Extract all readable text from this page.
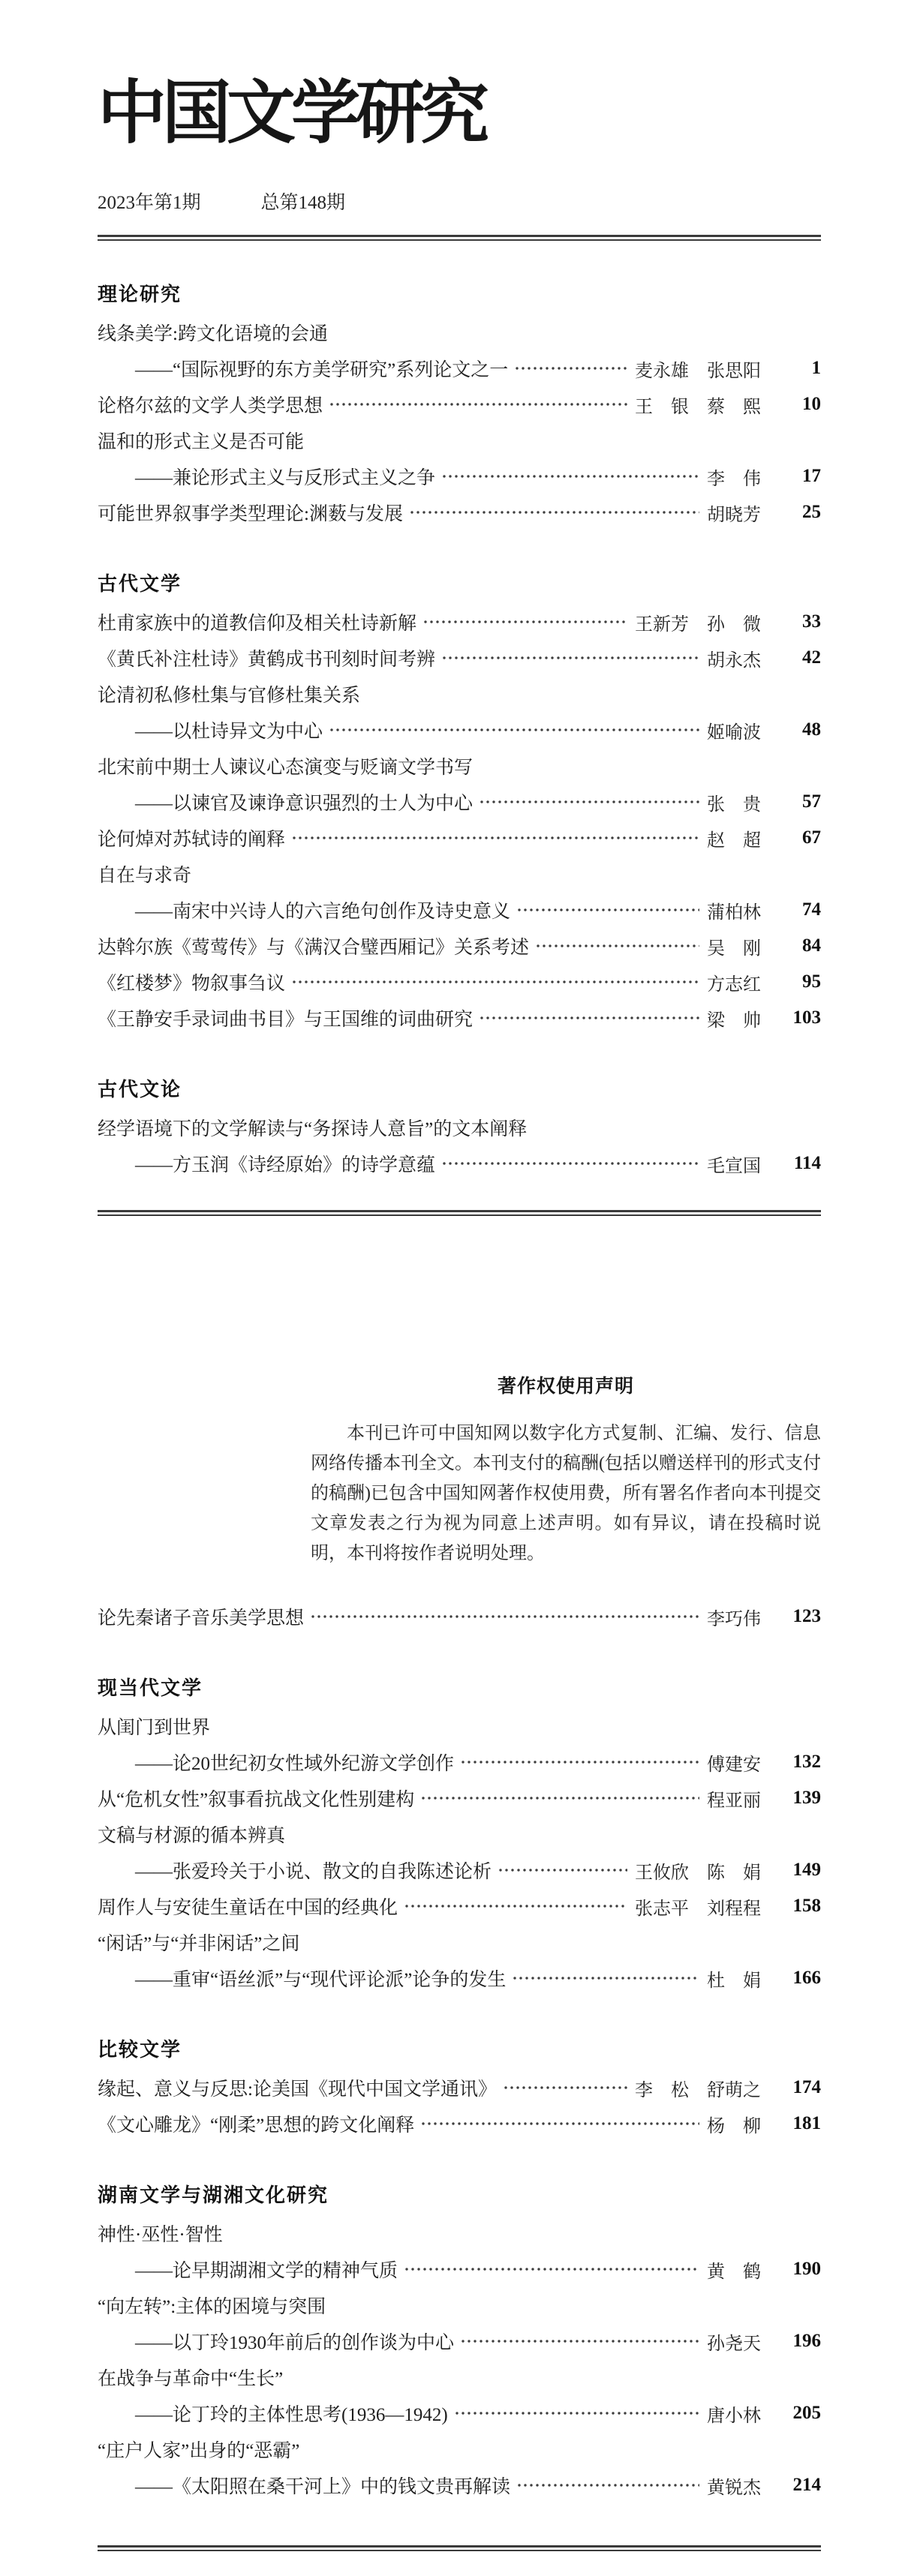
中国文学研究
2023年第1期	总第148期
理论研究
线条美学:跨文化语境的会通
——“国际视野的东方美学研究”系列论文之一	麦永雄　张思阳	1
论格尔兹的文学人类学思想	王　银　蔡　熙	10
温和的形式主义是否可能
——兼论形式主义与反形式主义之争	李　伟	17
可能世界叙事学类型理论:渊薮与发展	胡晓芳	25
古代文学
杜甫家族中的道教信仰及相关杜诗新解	王新芳　孙　微	33
《黄氏补注杜诗》黄鹤成书刊刻时间考辨	胡永杰	42
论清初私修杜集与官修杜集关系
——以杜诗异文为中心	姬喻波	48
北宋前中期士人谏议心态演变与贬谪文学书写
——以谏官及谏诤意识强烈的士人为中心	张　贵	57
论何焯对苏轼诗的阐释	赵　超	67
自在与求奇
——南宋中兴诗人的六言绝句创作及诗史意义	蒲柏林	74
达斡尔族《莺莺传》与《满汉合璧西厢记》关系考述	吴　刚	84
《红楼梦》物叙事刍议	方志红	95
《王静安手录词曲书目》与王国维的词曲研究	梁　帅	103
古代文论
经学语境下的文学解读与“务探诗人意旨”的文本阐释
——方玉润《诗经原始》的诗学意蕴	毛宣国	114
著作权使用声明

本刊已许可中国知网以数字化方式复制、汇编、发行、信息网络传播本刊全文。本刊支付的稿酬(包括以赠送样刊的形式支付的稿酬)已包含中国知网著作权使用费，所有署名作者向本刊提交文章发表之行为视为同意上述声明。如有异议，请在投稿时说明，本刊将按作者说明处理。

论先秦诸子音乐美学思想	李巧伟	123
现当代文学
从闺门到世界
——论20世纪初女性域外纪游文学创作	傅建安	132
从“危机女性”叙事看抗战文化性别建构	程亚丽	139
文稿与材源的循本辨真
——张爱玲关于小说、散文的自我陈述论析	王攸欣　陈　娟	149
周作人与安徒生童话在中国的经典化	张志平　刘程程	158
“闲话”与“并非闲话”之间
——重审“语丝派”与“现代评论派”论争的发生	杜　娟	166
比较文学
缘起、意义与反思:论美国《现代中国文学通讯》	李　松　舒萌之	174
《文心雕龙》“刚柔”思想的跨文化阐释	杨　柳	181
湖南文学与湖湘文化研究
神性·巫性·智性
——论早期湖湘文学的精神气质	黄　鹤	190
“向左转”:主体的困境与突围
——以丁玲1930年前后的创作谈为中心	孙尧天	196
在战争与革命中“生长”
——论丁玲的主体性思考(1936—1942)	唐小林	205
“庄户人家”出身的“恶霸”
——《太阳照在桑干河上》中的钱文贵再解读	黄锐杰	214
